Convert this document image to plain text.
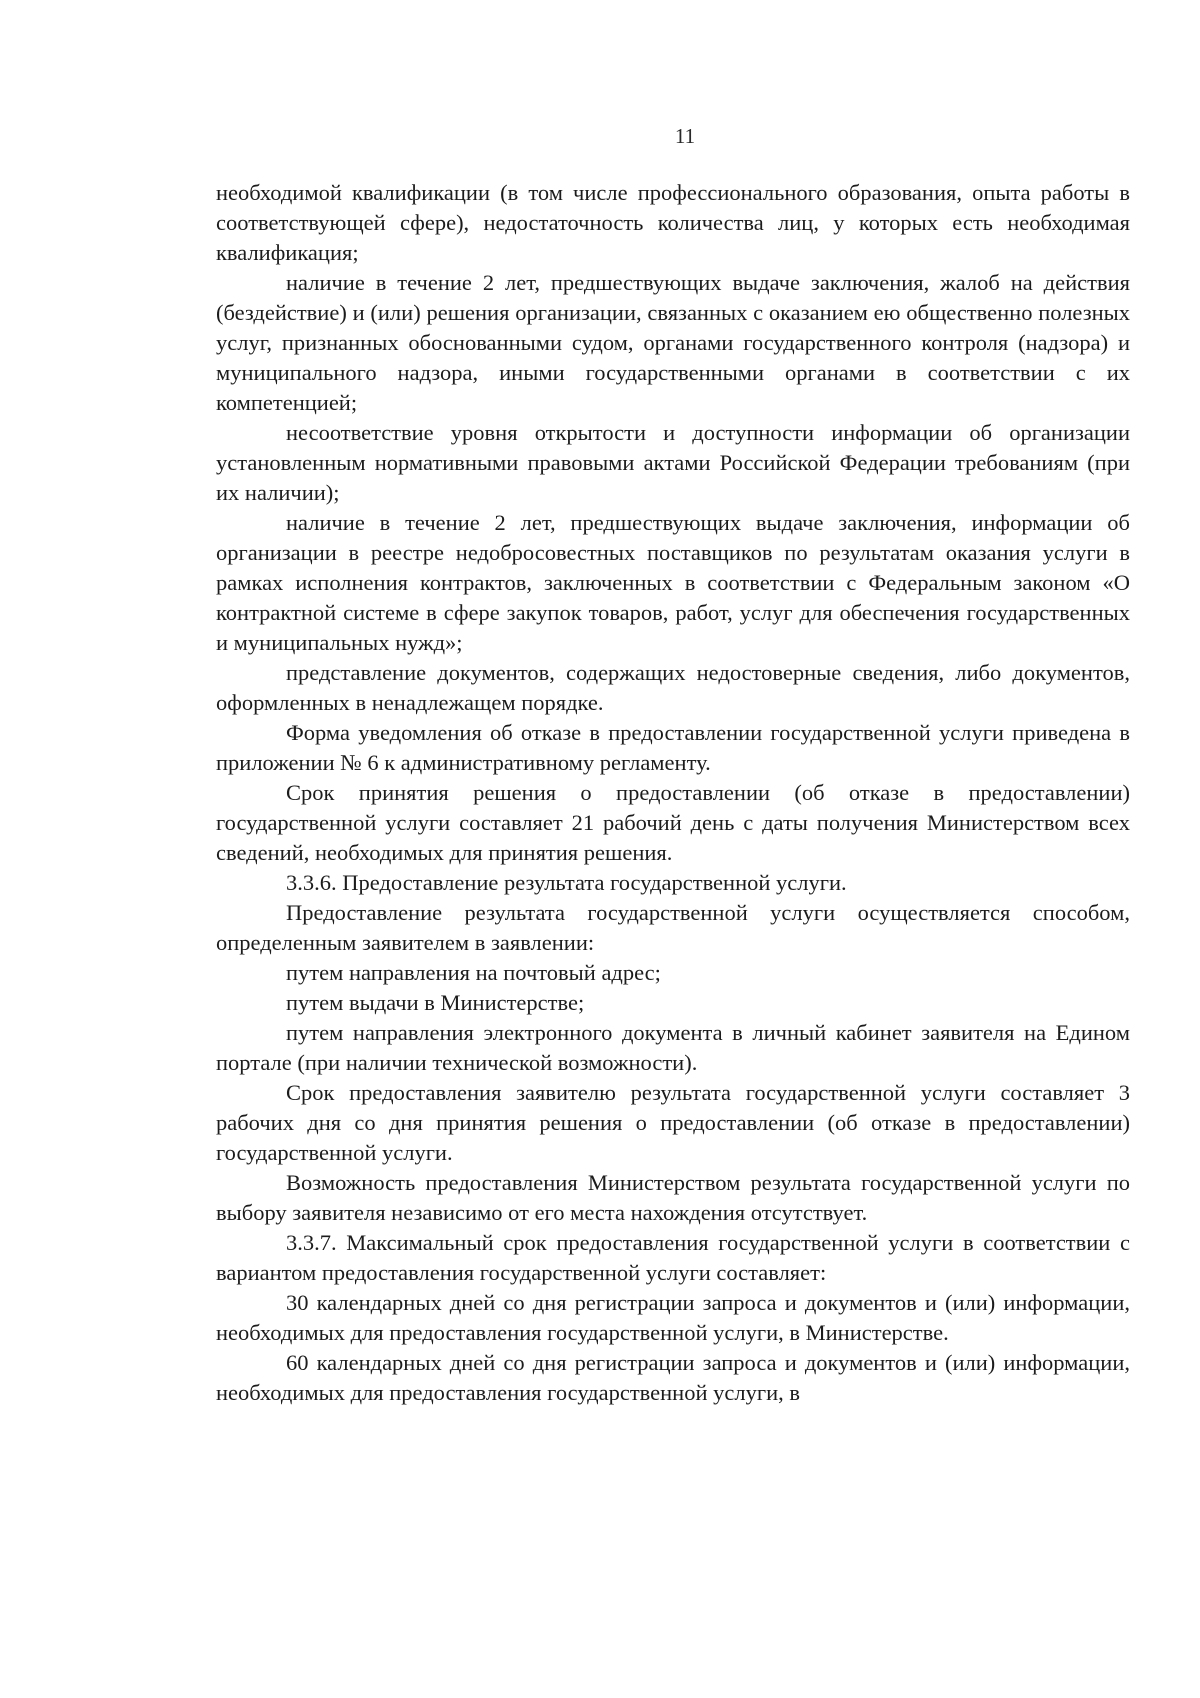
11

необходимой квалификации (в том числе профессионального образования, опыта работы в соответствующей сфере), недостаточность количества лиц, у которых есть необходимая квалификация;

наличие в течение 2 лет, предшествующих выдаче заключения, жалоб на действия (бездействие) и (или) решения организации, связанных с оказанием ею общественно полезных услуг, признанных обоснованными судом, органами государственного контроля (надзора) и муниципального надзора, иными государственными органами в соответствии с их компетенцией;

несоответствие уровня открытости и доступности информации об организации установленным нормативными правовыми актами Российской Федерации требованиям (при их наличии);

наличие в течение 2 лет, предшествующих выдаче заключения, информации об организации в реестре недобросовестных поставщиков по результатам оказания услуги в рамках исполнения контрактов, заключенных в соответствии с Федеральным законом «О контрактной системе в сфере закупок товаров, работ, услуг для обеспечения государственных и муниципальных нужд»;

представление документов, содержащих недостоверные сведения, либо документов, оформленных в ненадлежащем порядке.

Форма уведомления об отказе в предоставлении государственной услуги приведена в приложении № 6 к административному регламенту.

Срок принятия решения о предоставлении (об отказе в предоставлении) государственной услуги составляет 21 рабочий день с даты получения Министерством всех сведений, необходимых для принятия решения.

3.3.6. Предоставление результата государственной услуги.

Предоставление результата государственной услуги осуществляется способом, определенным заявителем в заявлении:

путем направления на почтовый адрес;

путем выдачи в Министерстве;

путем направления электронного документа в личный кабинет заявителя на Едином портале (при наличии технической возможности).

Срок предоставления заявителю результата государственной услуги составляет 3 рабочих дня со дня принятия решения о предоставлении (об отказе в предоставлении) государственной услуги.

Возможность предоставления Министерством результата государственной услуги по выбору заявителя независимо от его места нахождения отсутствует.

3.3.7. Максимальный срок предоставления государственной услуги в соответствии с вариантом предоставления государственной услуги составляет:

30 календарных дней со дня регистрации запроса и документов и (или) информации, необходимых для предоставления государственной услуги, в Министерстве.

60 календарных дней со дня регистрации запроса и документов и (или) информации, необходимых для предоставления государственной услуги, в
